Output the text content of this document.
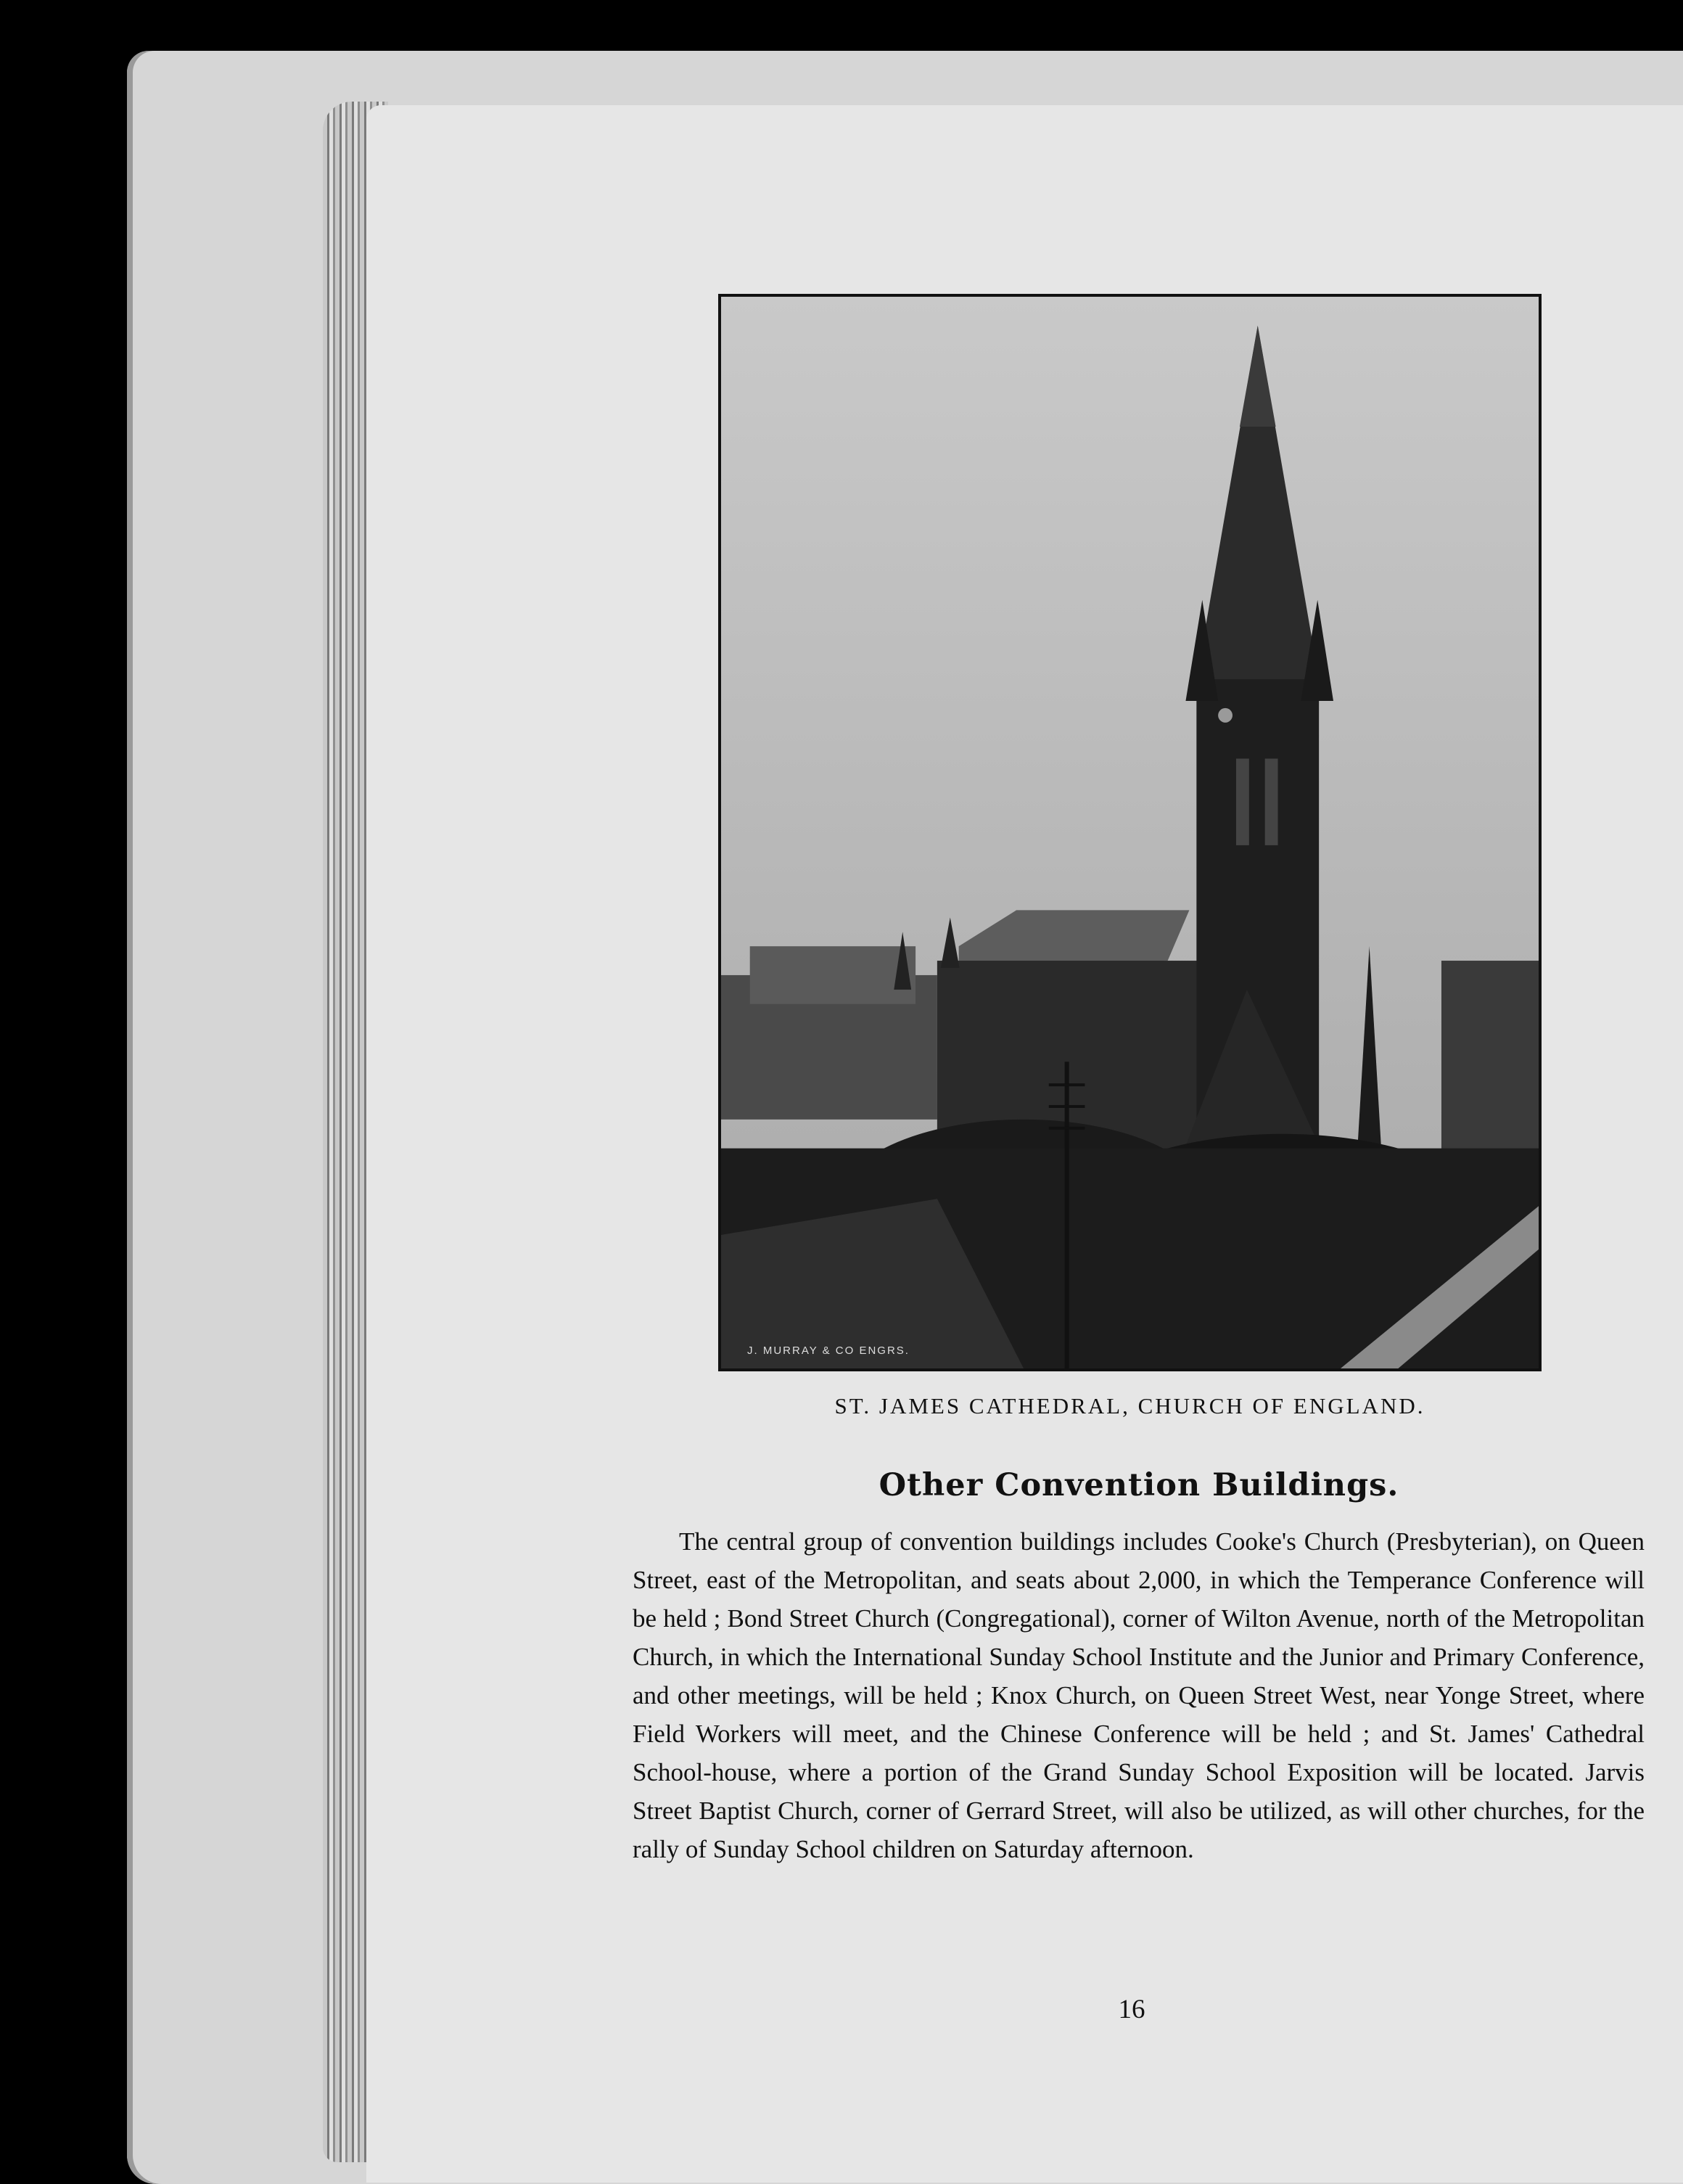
J. MURRAY & CO ENGRS.
ST. JAMES CATHEDRAL, CHURCH OF ENGLAND.
Other Convention Buildings.
The central group of convention buildings includes Cooke's Church (Presbyterian), on Queen Street, east of the Metropolitan, and seats about 2,000, in which the Temperance Conference will be held ; Bond Street Church (Congregational), corner of Wilton Avenue, north of the Metropolitan Church, in which the International Sunday School Institute and the Junior and Primary Conference, and other meetings, will be held ; Knox Church, on Queen Street West, near Yonge Street, where Field Workers will meet, and the Chinese Conference will be held ; and St. James' Cathedral School-house, where a portion of the Grand Sunday School Exposition will be located. Jarvis Street Baptist Church, corner of Gerrard Street, will also be utilized, as will other churches, for the rally of Sunday School children on Saturday afternoon.
16
